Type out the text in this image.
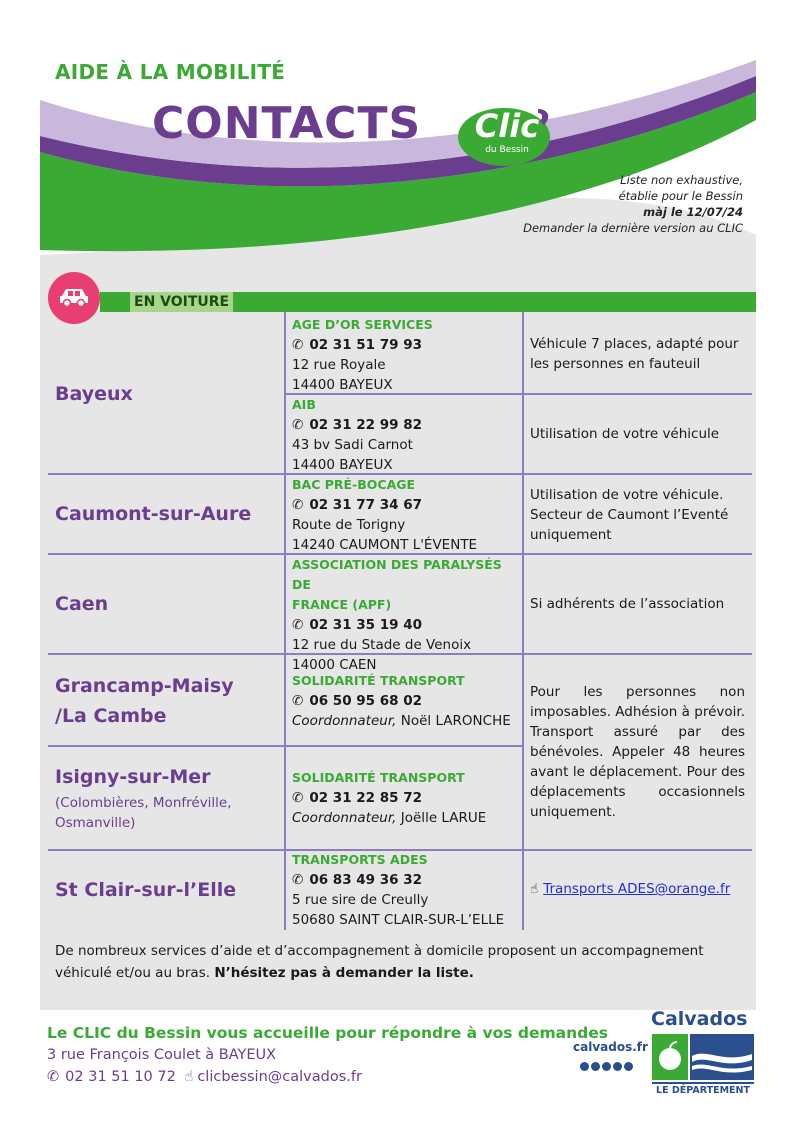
AIDE À LA MOBILITÉ
CONTACTS	Clic
du Bessin
Liste non exhaustive,
établie pour le Bessin
màj le 12/07/24
Demander la dernière version au CLIC
EN VOITURE
Bayeux
AGE D’OR SERVICES
✆ 02 31 51 79 93
12 rue Royale
14400 BAYEUX
Véhicule 7 places, adapté pour les personnes en fauteuil
AIB
✆ 02 31 22 99 82
43 bv Sadi Carnot
14400 BAYEUX
Utilisation de votre véhicule
Caumont-sur-Aure
BAC PRÉ-BOCAGE
✆ 02 31 77 34 67
Route de Torigny
14240 CAUMONT L'ÉVENTE
Utilisation de votre véhicule. Secteur de Caumont l’Eventé uniquement
Caen
ASSOCIATION DES PARALYSÉS DE
FRANCE (APF)
✆ 02 31 35 19 40
12 rue du Stade de Venoix
14000 CAEN
Si adhérents de l’association
Grancamp-Maisy
/La Cambe
SOLIDARITÉ TRANSPORT
✆ 06 50 95 68 02
Coordonnateur, Noël LARONCHE
Isigny-sur-Mer
(Colombières, Monfréville,
Osmanville)
SOLIDARITÉ TRANSPORT
✆ 02 31 22 85 72
Coordonnateur, Joëlle LARUE
Pour les personnes non imposables. Adhésion à prévoir. Transport assuré par des bénévoles. Appeler 48 heures avant le déplacement. Pour des déplacements occasionnels uniquement.
St Clair-sur-l’Elle
TRANSPORTS ADES
✆ 06 83 49 36 32
5 rue sire de Creully
50680 SAINT CLAIR-SUR-L’ELLE
☝ Transports ADES@orange.fr
De nombreux services d’aide et d’accompagnement à domicile proposent un accompagnement véhiculé et/ou au bras. N’hésitez pas à demander la liste.
Le CLIC du Bessin vous accueille pour répondre à vos demandes
3 rue François Coulet à BAYEUX
✆ 02 31 51 10 72 ☝ clicbessin@calvados.fr
calvados.fr
Calvados
LE DÉPARTEMENT
